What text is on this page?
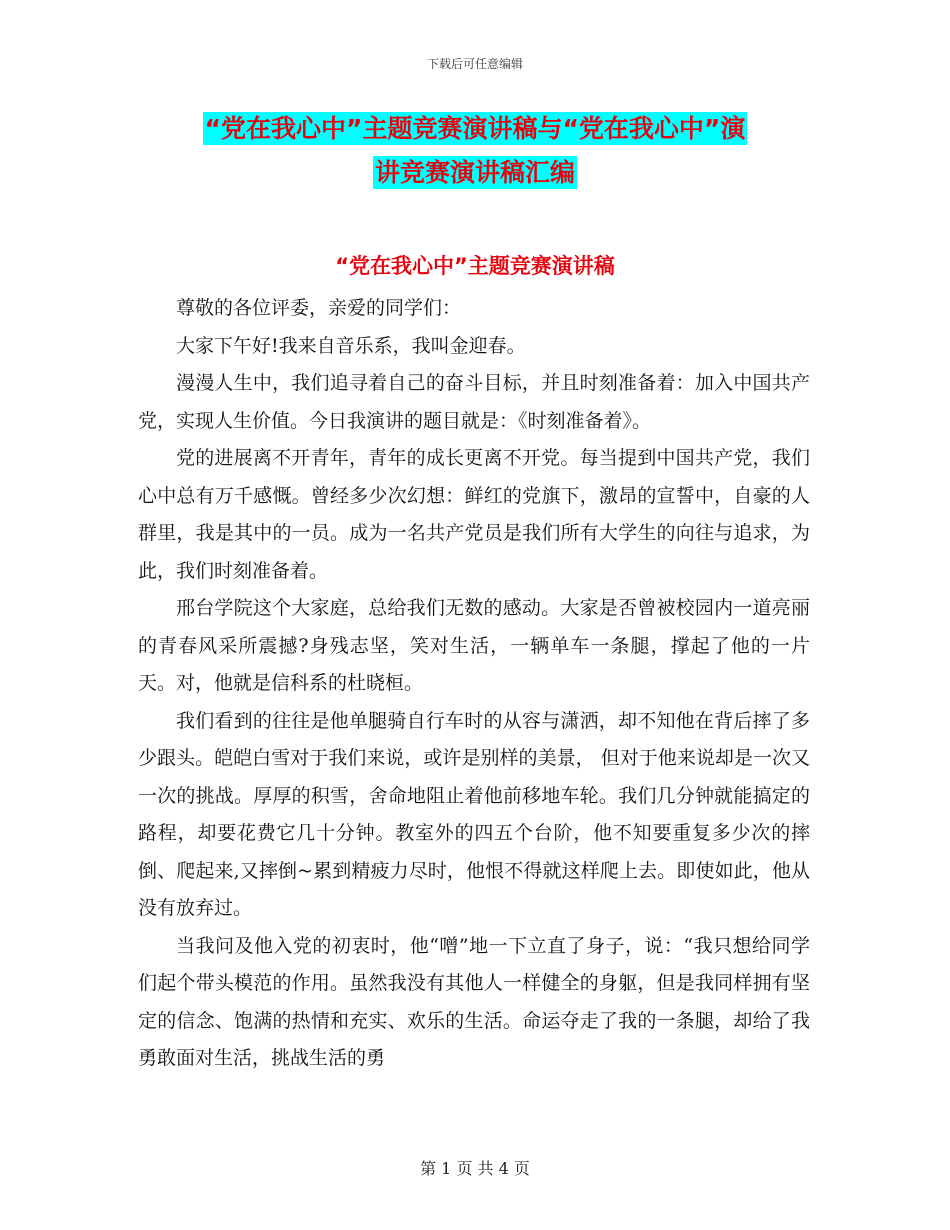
下载后可任意编辑
“党在我心中”主题竞赛演讲稿与“党在我心中”演
讲竞赛演讲稿汇编
“党在我心中”主题竞赛演讲稿

尊敬的各位评委，亲爱的同学们：

大家下午好!我来自音乐系，我叫金迎春。

漫漫人生中，我们追寻着自己的奋斗目标，并且时刻准备着：加入中国共产党，实现人生价值。今日我演讲的题目就是：《时刻准备着》。

党的进展离不开青年，青年的成长更离不开党。每当提到中国共产党，我们心中总有万千感慨。曾经多少次幻想：鲜红的党旗下，激昂的宣誓中，自豪的人群里，我是其中的一员。成为一名共产党员是我们所有大学生的向往与追求，为此，我们时刻准备着。

邢台学院这个大家庭，总给我们无数的感动。大家是否曾被校园内一道亮丽的青春风采所震撼?身残志坚，笑对生活，一辆单车一条腿，撑起了他的一片天。对，他就是信科系的杜晓桓。

我们看到的往往是他单腿骑自行车时的从容与潇洒，却不知他在背后摔了多少跟头。皑皑白雪对于我们来说，或许是别样的美景， 但对于他来说却是一次又一次的挑战。厚厚的积雪，舍命地阻止着他前移地车轮。我们几分钟就能搞定的路程，却要花费它几十分钟。教室外的四五个台阶，他不知要重复多少次的摔倒、爬起来,又摔倒~累到精疲力尽时，他恨不得就这样爬上去。即使如此，他从没有放弃过。

当我问及他入党的初衷时，他“噌”地一下立直了身子，说：“我只想给同学们起个带头模范的作用。虽然我没有其他人一样健全的身躯，但是我同样拥有坚定的信念、饱满的热情和充实、欢乐的生活。命运夺走了我的一条腿，却给了我勇敢面对生活，挑战生活的勇

第 1 页 共 4 页
